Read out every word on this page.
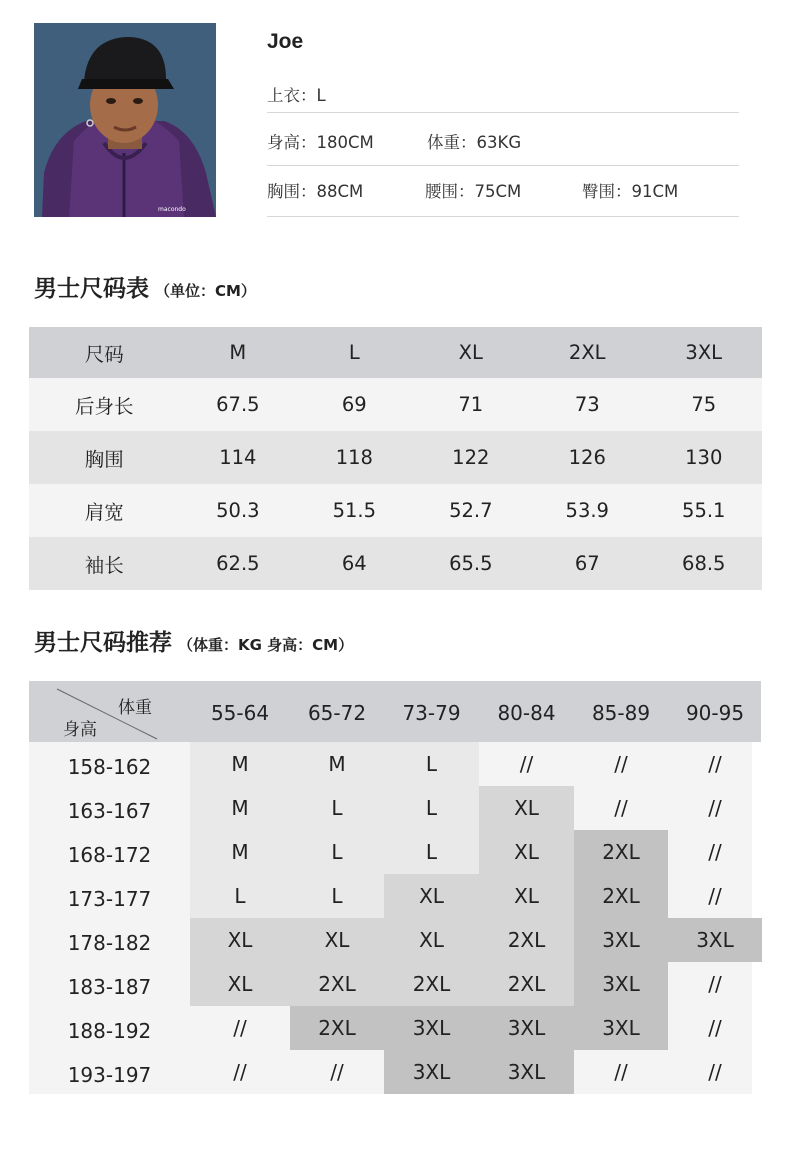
macondo
Joe
上衣：L
身高：180CM	体重：63KG
胸围：88CM	腰围：75CM	臀围：91CM
男士尺码表 （单位：CM）
尺码	M	L	XL	2XL	3XL
后身长	67.5	69	71	73	75
胸围	114	118	122	126	130
肩宽	50.3	51.5	52.7	53.9	55.1
袖长	62.5	64	65.5	67	68.5
男士尺码推荐 （体重：KG 身高：CM）
体重
身高
55-64	65-72	73-79	80-84	85-89	90-95
158-162	M	M	L	//	//	//
163-167	M	L	L	XL	//	//
168-172	M	L	L	XL	2XL	//
173-177	L	L	XL	XL	2XL	//
178-182	XL	XL	XL	2XL	3XL	3XL
183-187	XL	2XL	2XL	2XL	3XL	//
188-192	//	2XL	3XL	3XL	3XL	//
193-197	//	//	3XL	3XL	//	//
